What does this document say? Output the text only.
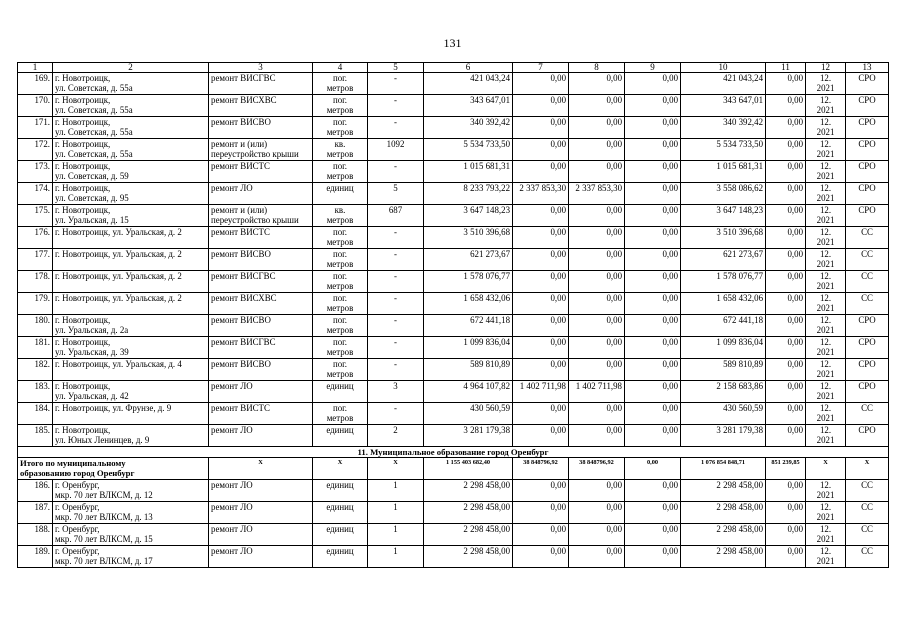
131
1	2	3	4	5	6	7	8	9	10	11	12	13
169.	г. Новотроицк,
ул. Советская, д. 55а	ремонт ВИСГВС	пог.
метров	-	421 043,24	0,00	0,00	0,00	421 043,24	0,00	12.
2021	СРО
170.	г. Новотроицк,
ул. Советская, д. 55а	ремонт ВИСХВС	пог.
метров	-	343 647,01	0,00	0,00	0,00	343 647,01	0,00	12.
2021	СРО
171.	г. Новотроицк,
ул. Советская, д. 55а	ремонт ВИСВО	пог.
метров	-	340 392,42	0,00	0,00	0,00	340 392,42	0,00	12.
2021	СРО
172.	г. Новотроицк,
ул. Советская, д. 55а	ремонт и (или)
переустройство крыши	кв.
метров	1092	5 534 733,50	0,00	0,00	0,00	5 534 733,50	0,00	12.
2021	СРО
173.	г. Новотроицк,
ул. Советская, д. 59	ремонт ВИСТС	пог.
метров	-	1 015 681,31	0,00	0,00	0,00	1 015 681,31	0,00	12.
2021	СРО
174.	г. Новотроицк,
ул. Советская, д. 95	ремонт ЛО	единиц	5	8 233 793,22	2 337 853,30	2 337 853,30	0,00	3 558 086,62	0,00	12.
2021	СРО
175.	г. Новотроицк,
ул. Уральская, д. 15	ремонт и (или)
переустройство крыши	кв.
метров	687	3 647 148,23	0,00	0,00	0,00	3 647 148,23	0,00	12.
2021	СРО
176.	г. Новотроицк, ул. Уральская, д. 2	ремонт ВИСТС	пог.
метров	-	3 510 396,68	0,00	0,00	0,00	3 510 396,68	0,00	12.
2021	СС
177.	г. Новотроицк, ул. Уральская, д. 2	ремонт ВИСВО	пог.
метров	-	621 273,67	0,00	0,00	0,00	621 273,67	0,00	12.
2021	СС
178.	г. Новотроицк, ул. Уральская, д. 2	ремонт ВИСГВС	пог.
метров	-	1 578 076,77	0,00	0,00	0,00	1 578 076,77	0,00	12.
2021	СС
179.	г. Новотроицк, ул. Уральская, д. 2	ремонт ВИСХВС	пог.
метров	-	1 658 432,06	0,00	0,00	0,00	1 658 432,06	0,00	12.
2021	СС
180.	г. Новотроицк,
ул. Уральская, д. 2а	ремонт ВИСВО	пог.
метров	-	672 441,18	0,00	0,00	0,00	672 441,18	0,00	12.
2021	СРО
181.	г. Новотроицк,
ул. Уральская, д. 39	ремонт ВИСГВС	пог.
метров	-	1 099 836,04	0,00	0,00	0,00	1 099 836,04	0,00	12.
2021	СРО
182.	г. Новотроицк, ул. Уральская, д. 4	ремонт ВИСВО	пог.
метров	-	589 810,89	0,00	0,00	0,00	589 810,89	0,00	12.
2021	СРО
183.	г. Новотроицк,
ул. Уральская, д. 42	ремонт ЛО	единиц	3	4 964 107,82	1 402 711,98	1 402 711,98	0,00	2 158 683,86	0,00	12.
2021	СРО
184.	г. Новотроицк, ул. Фрунзе, д. 9	ремонт ВИСТС	пог.
метров	-	430 560,59	0,00	0,00	0,00	430 560,59	0,00	12.
2021	СС
185.	г. Новотроицк,
ул. Юных Ленинцев, д. 9	ремонт ЛО	единиц	2	3 281 179,38	0,00	0,00	0,00	3 281 179,38	0,00	12.
2021	СРО
11. Муниципальное образование город Оренбург												
Итого по муниципальному
образованию город Оренбург		X	X	X	1 155 403 682,40	38 848796,92	38 848796,92	0,00	1 076 854 848,71	851 239,85	X	X
186.	г. Оренбург,
мкр. 70 лет ВЛКСМ, д. 12	ремонт ЛО	единиц	1	2 298 458,00	0,00	0,00	0,00	2 298 458,00	0,00	12.
2021	СС
187.	г. Оренбург,
мкр. 70 лет ВЛКСМ, д. 13	ремонт ЛО	единиц	1	2 298 458,00	0,00	0,00	0,00	2 298 458,00	0,00	12.
2021	СС
188.	г. Оренбург,
мкр. 70 лет ВЛКСМ, д. 15	ремонт ЛО	единиц	1	2 298 458,00	0,00	0,00	0,00	2 298 458,00	0,00	12.
2021	СС
189.	г. Оренбург,
мкр. 70 лет ВЛКСМ, д. 17	ремонт ЛО	единиц	1	2 298 458,00	0,00	0,00	0,00	2 298 458,00	0,00	12.
2021	СС
